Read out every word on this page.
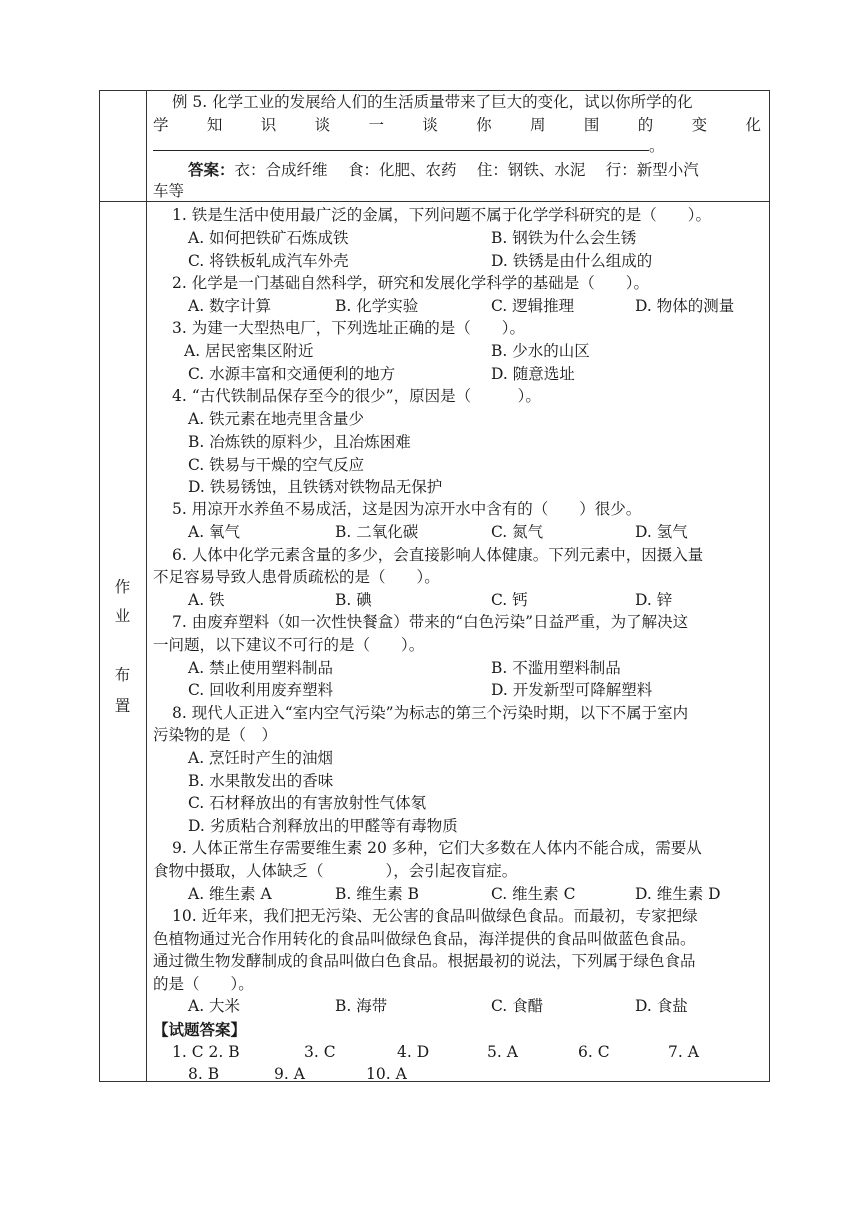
例 5. 化学工业的发展给人们的生活质量带来了巨大的变化，试以你所学的化
学 知 识 谈 一 谈 你 周 围 的 变 化
。
答案：衣：合成纤维　 食：化肥、农药　 住：钢铁、水泥　 行：新型小汽
车等
作
业
布
置
1. 铁是生活中使用最广泛的金属，下列问题不属于化学学科研究的是（　　）。
A. 如何把铁矿石炼成铁	B. 钢铁为什么会生锈
C. 将铁板轧成汽车外壳	D. 铁锈是由什么组成的
2. 化学是一门基础自然科学，研究和发展化学科学的基础是（　　）。
A. 数字计算	B. 化学实验	C. 逻辑推理	D. 物体的测量
3. 为建一大型热电厂，下列选址正确的是（　　）。
A. 居民密集区附近	B. 少水的山区
C. 水源丰富和交通便利的地方	D. 随意选址
4. “古代铁制品保存至今的很少”，原因是（　　　）。
A. 铁元素在地壳里含量少
B. 冶炼铁的原料少，且冶炼困难
C. 铁易与干燥的空气反应
D. 铁易锈蚀，且铁锈对铁物品无保护
5. 用凉开水养鱼不易成活，这是因为凉开水中含有的（　　）很少。
A. 氧气	B. 二氧化碳	C. 氮气	D. 氢气
6. 人体中化学元素含量的多少，会直接影响人体健康。下列元素中，因摄入量
不足容易导致人患骨质疏松的是（　　）。
A. 铁	B. 碘	C. 钙	D. 锌
7. 由废弃塑料（如一次性快餐盒）带来的“白色污染”日益严重，为了解决这
一问题，以下建议不可行的是（　　）。
A. 禁止使用塑料制品	B. 不滥用塑料制品
C. 回收利用废弃塑料	D. 开发新型可降解塑料
8. 现代人正进入“室内空气污染”为标志的第三个污染时期，以下不属于室内
污染物的是（　）
A. 烹饪时产生的油烟
B. 水果散发出的香味
C. 石材释放出的有害放射性气体氡
D. 劣质粘合剂释放出的甲醛等有毒物质
9. 人体正常生存需要维生素 20 多种，它们大多数在人体内不能合成，需要从
食物中摄取，人体缺乏（　　　　），会引起夜盲症。
A. 维生素 A	B. 维生素 B	C. 维生素 C	D. 维生素 D
10. 近年来，我们把无污染、无公害的食品叫做绿色食品。而最初，专家把绿
色植物通过光合作用转化的食品叫做绿色食品，海洋提供的食品叫做蓝色食品。
通过微生物发酵制成的食品叫做白色食品。根据最初的说法，下列属于绿色食品
的是（　　）。
A. 大米	B. 海带	C. 食醋	D. 食盐
【试题答案】
1. C 2. B	3. C	4. D	5. A	6. C	7. A
8. B	9. A	10. A
